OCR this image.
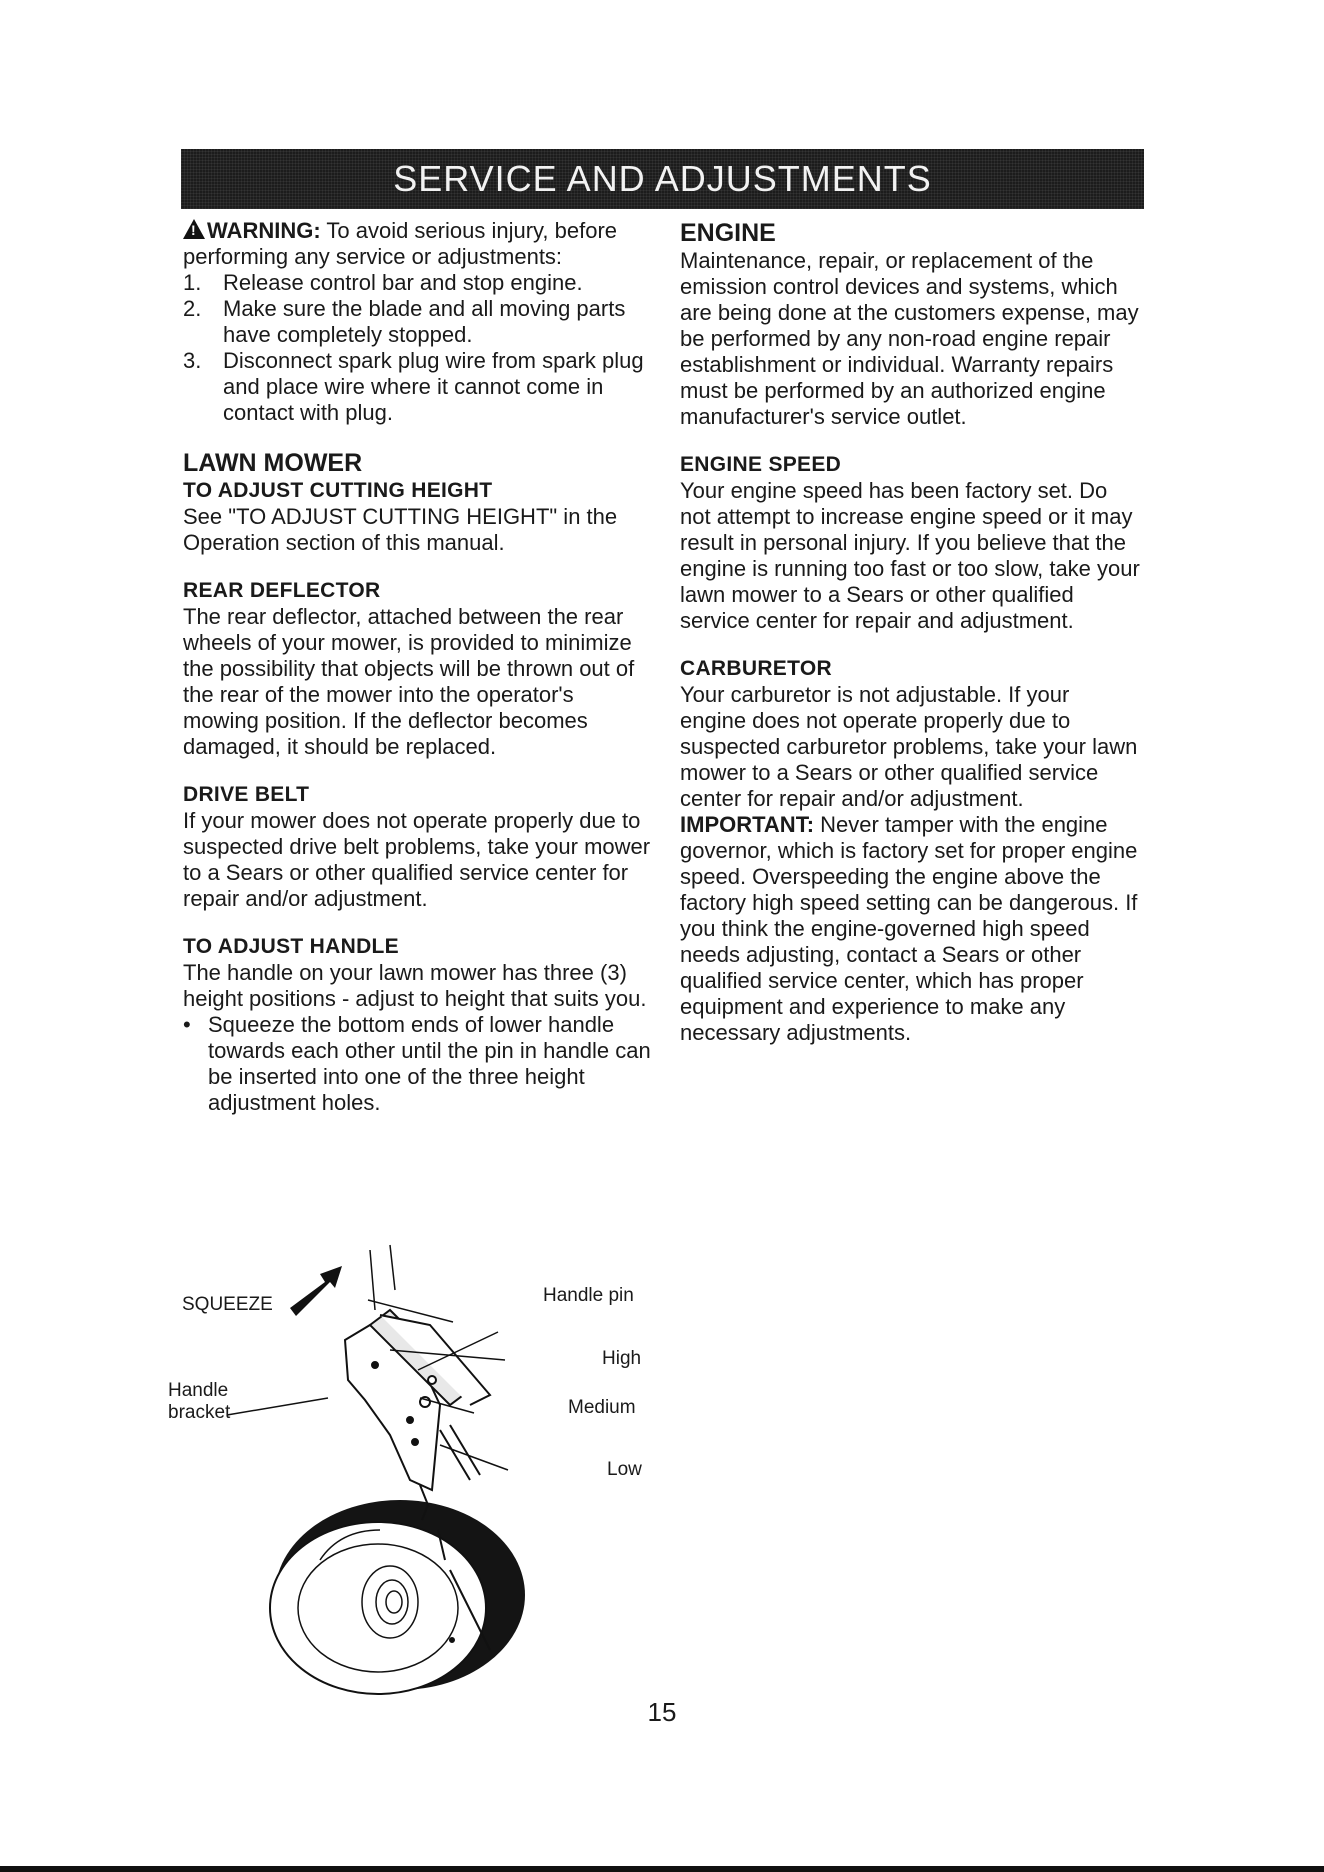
SERVICE AND ADJUSTMENTS

!WARNING: To avoid serious injury, before performing any service or adjustments:

1. Release control bar and stop engine.
2. Make sure the blade and all moving parts have completely stopped.
3. Disconnect spark plug wire from spark plug and place wire where it cannot come in contact with plug.
LAWN MOWER
TO ADJUST CUTTING HEIGHT

See "TO ADJUST CUTTING HEIGHT" in the Operation section of this manual.

REAR DEFLECTOR

The rear deflector, attached between the rear wheels of your mower, is provided to minimize the possibility that objects will be thrown out of the rear of the mower into the operator's mowing position. If the deflector becomes damaged, it should be replaced.

DRIVE BELT

If your mower does not operate properly due to suspected drive belt problems, take your mower to a Sears or other qualified service center for repair and/or adjustment.

TO ADJUST HANDLE

The handle on your lawn mower has three (3) height positions - adjust to height that suits you.

• Squeeze the bottom ends of lower handle towards each other until the pin in handle can be inserted into one of the three height adjustment holes.
ENGINE

Maintenance, repair, or replacement of the emission control devices and systems, which are being done at the customers expense, may be performed by any non-road engine repair establishment or individual. Warranty repairs must be performed by an authorized engine manufacturer's service outlet.

ENGINE SPEED

Your engine speed has been factory set. Do not attempt to increase engine speed or it may result in personal injury. If you believe that the engine is running too fast or too slow, take your lawn mower to a Sears or other qualified service center for repair and adjustment.

CARBURETOR

Your carburetor is not adjustable. If your engine does not operate properly due to suspected carburetor problems, take your lawn mower to a Sears or other qualified service center for repair and/or adjustment.

IMPORTANT: Never tamper with the engine governor, which is factory set for proper engine speed. Overspeeding the engine above the factory high speed setting can be dangerous. If you think the engine-governed high speed needs adjusting, contact a Sears or other qualified service center, which has proper equipment and experience to make any necessary adjustments.

SQUEEZE
Handle
bracket
Handle pin
High
Medium
Low
15
